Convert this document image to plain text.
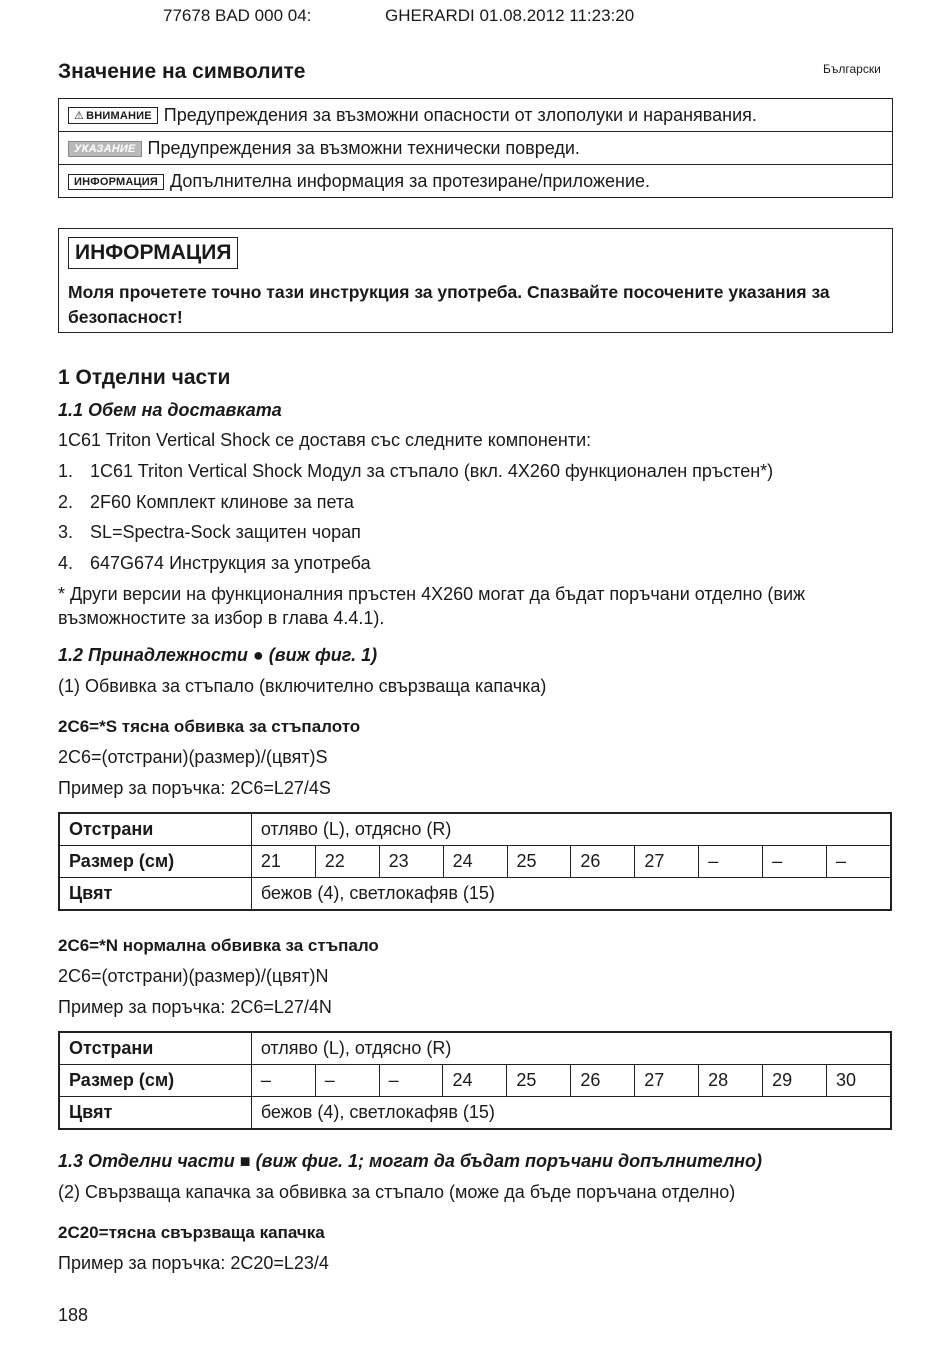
77678 BAD 000 04:	GHERARDI 01.08.2012 11:23:20
Значение на символите	Български
⚠ ВНИМАНИЕ Предупреждения за възможни опасности от злополуки и наранявания.
УКАЗАНИЕ Предупреждения за възможни технически повреди.
ИНФОРМАЦИЯ Допълнителна информация за протезиране/приложение.
ИНФОРМАЦИЯ
Моля прочетете точно тази инструкция за употреба. Спазвайте посочените указания за безопасност!
1 Отделни части
1.1 Обем на доставката
1C61 Triton Vertical Shock се доставя със следните компоненти:
1. 1C61 Triton Vertical Shock Модул за стъпало (вкл. 4X260 функционален пръстен*)
2. 2F60 Комплект клинове за пета
3. SL=Spectra-Sock защитен чорап
4. 647G674 Инструкция за употреба
* Други версии на функционалния пръстен 4X260 могат да бъдат поръчани отделно (виж
възможностите за избор в глава 4.4.1).
1.2 Принадлежности ● (виж фиг. 1)
(1) Обвивка за стъпало (включително свързваща капачка)
2C6=*S тясна обвивка за стъпалото
2C6=(отстрани)(размер)/(цвят)S
Пример за поръчка: 2C6=L27/4S
Отстрани	отляво (L), отдясно (R)									
Размер (см)	21	22	23	24	25	26	27	–	–	–
Цвят	бежов (4), светлокафяв (15)									
2C6=*N нормална обвивка за стъпало
2C6=(отстрани)(размер)/(цвят)N
Пример за поръчка: 2C6=L27/4N
Отстрани	отляво (L), отдясно (R)									
Размер (см)	–	–	–	24	25	26	27	28	29	30
Цвят	бежов (4), светлокафяв (15)									
1.3 Отделни части ■ (виж фиг. 1; могат да бъдат поръчани допълнително)
(2) Свързваща капачка за обвивка за стъпало (може да бъде поръчана отделно)
2C20=тясна свързваща капачка
Пример за поръчка: 2C20=L23/4
188
